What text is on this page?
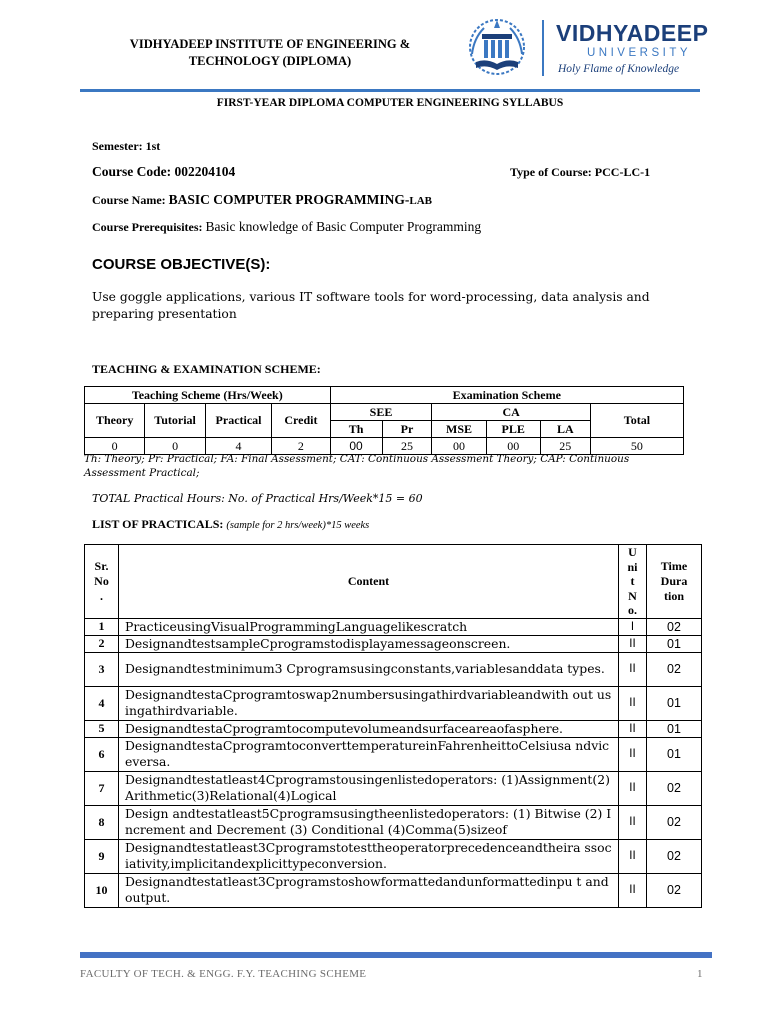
VIDHYADEEP INSTITUTE OF ENGINEERING &
TECHNOLOGY (DIPLOMA)
VIDHYADEEP
UNIVERSITY
Holy Flame of Knowledge
FIRST-YEAR DIPLOMA COMPUTER ENGINEERING SYLLABUS
Semester: 1st
Course Code: 002204104	Type of Course: PCC-LC-1
Course Name: BASIC COMPUTER PROGRAMMING-LAB
Course Prerequisites: Basic knowledge of Basic Computer Programming
COURSE OBJECTIVE(S):
Use goggle applications, various IT software tools for word-processing, data analysis and preparing presentation
TEACHING & EXAMINATION SCHEME:
Teaching Scheme (Hrs/Week)				Examination Scheme					
Theory	Tutorial	Practical	Credit	SEE		CA			Total
				Th	Pr	MSE	PLE	LA	
0	0	4	2	00	25	00	00	25	50
Th: Theory; Pr: Practical; FA: Final Assessment; CAT: Continuous Assessment Theory; CAP: Continuous Assessment Practical;
TOTAL Practical Hours: No. of Practical Hrs/Week*15 = 60
LIST OF PRACTICALS: (sample for 2 hrs/week)*15 weeks
Sr. No .	Content	U ni t N o.	Time Dura tion

1	PracticeusingVisualProgrammingLanguagelikescratch	I	02
2	DesignandtestsampleCprogramstodisplayamessageonscreen.	II	01
3	Designandtestminimum3 Cprogramsusingconstants,variablesanddata types.	II	02
4	DesignandtestaCprogramtoswap2numbersusingathirdvariableandwith out usingathirdvariable.	II	01
5	DesignandtestaCprogramtocomputevolumeandsurfaceareaofasphere.	II	01
6	DesignandtestaCprogramtoconverttemperatureinFahrenheittoCelsiusa ndviceversa.	II	01
7	Designandtestatleast4Cprogramstousingenlistedoperators: (1)Assignment(2)Arithmetic(3)Relational(4)Logical	II	02
8	Design andtestatleast5Cprogramsusingtheenlistedoperators: (1) Bitwise (2) Increment and Decrement (3) Conditional (4)Comma(5)sizeof	II	02
9	Designandtestatleast3Cprogramstotesttheoperatorprecedenceandtheira ssociativity,implicitandexplicittypeconversion.	II	02
10	Designandtestatleast3Cprogramstoshowformattedandunformattedinpu t and output.	II	02
FACULTY OF TECH. & ENGG. F.Y. TEACHING SCHEME	1
